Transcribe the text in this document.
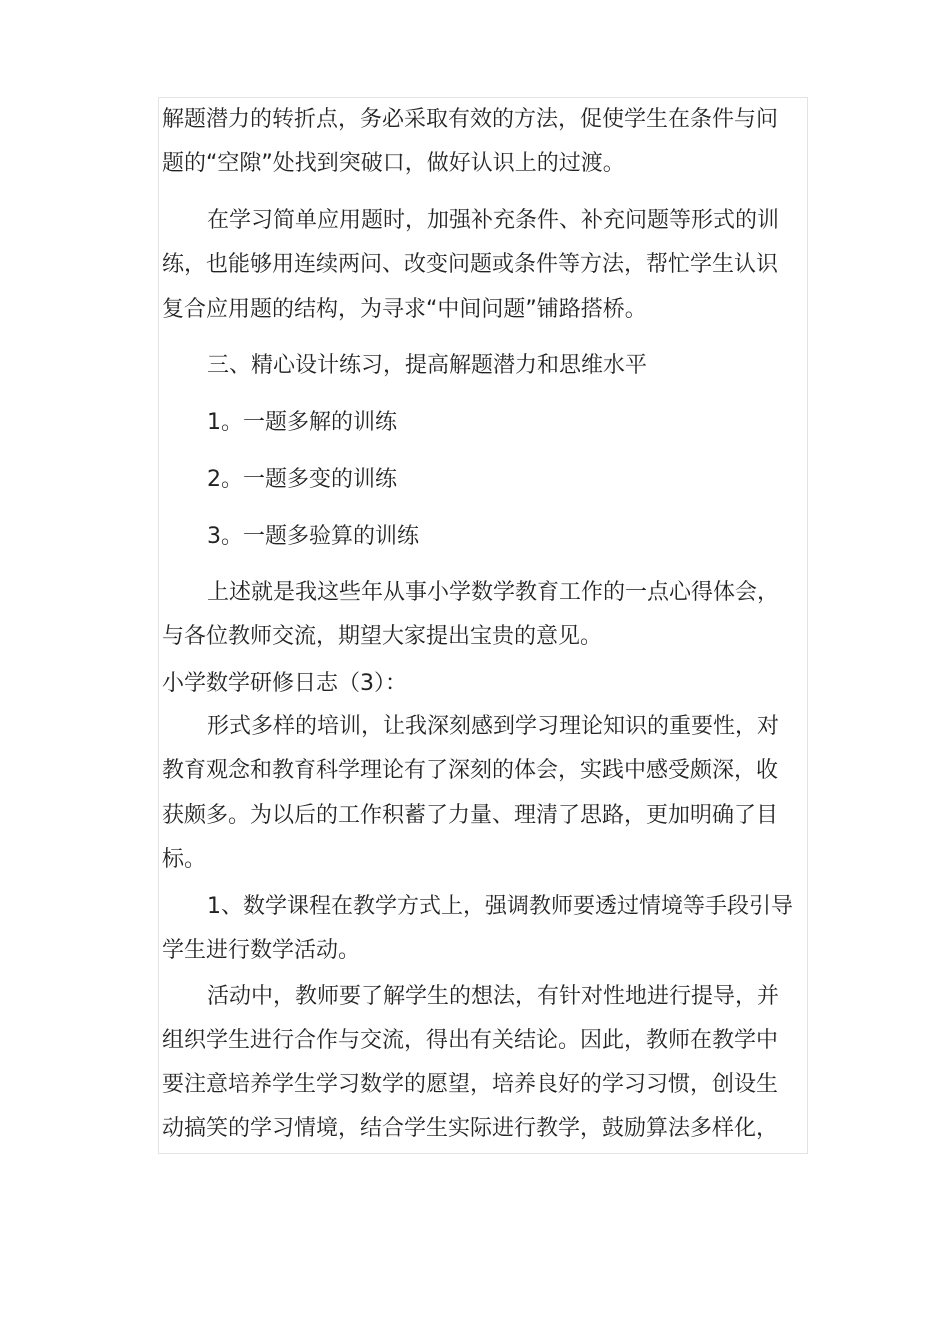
解题潜力的转折点，务必采取有效的方法，促使学生在条件与问
题的“空隙”处找到突破口，做好认识上的过渡。
在学习简单应用题时，加强补充条件、补充问题等形式的训
练，也能够用连续两问、改变问题或条件等方法，帮忙学生认识
复合应用题的结构，为寻求“中间问题”铺路搭桥。
三、精心设计练习，提高解题潜力和思维水平
1。一题多解的训练
2。一题多变的训练
3。一题多验算的训练
上述就是我这些年从事小学数学教育工作的一点心得体会，
与各位教师交流，期望大家提出宝贵的意见。
小学数学研修日志（3）：
形式多样的培训，让我深刻感到学习理论知识的重要性，对
教育观念和教育科学理论有了深刻的体会，实践中感受颇深，收
获颇多。为以后的工作积蓄了力量、理清了思路，更加明确了目
标。
1、数学课程在教学方式上，强调教师要透过情境等手段引导
学生进行数学活动。
活动中，教师要了解学生的想法，有针对性地进行提导，并
组织学生进行合作与交流，得出有关结论。因此，教师在教学中
要注意培养学生学习数学的愿望，培养良好的学习习惯，创设生
动搞笑的学习情境，结合学生实际进行教学，鼓励算法多样化，
